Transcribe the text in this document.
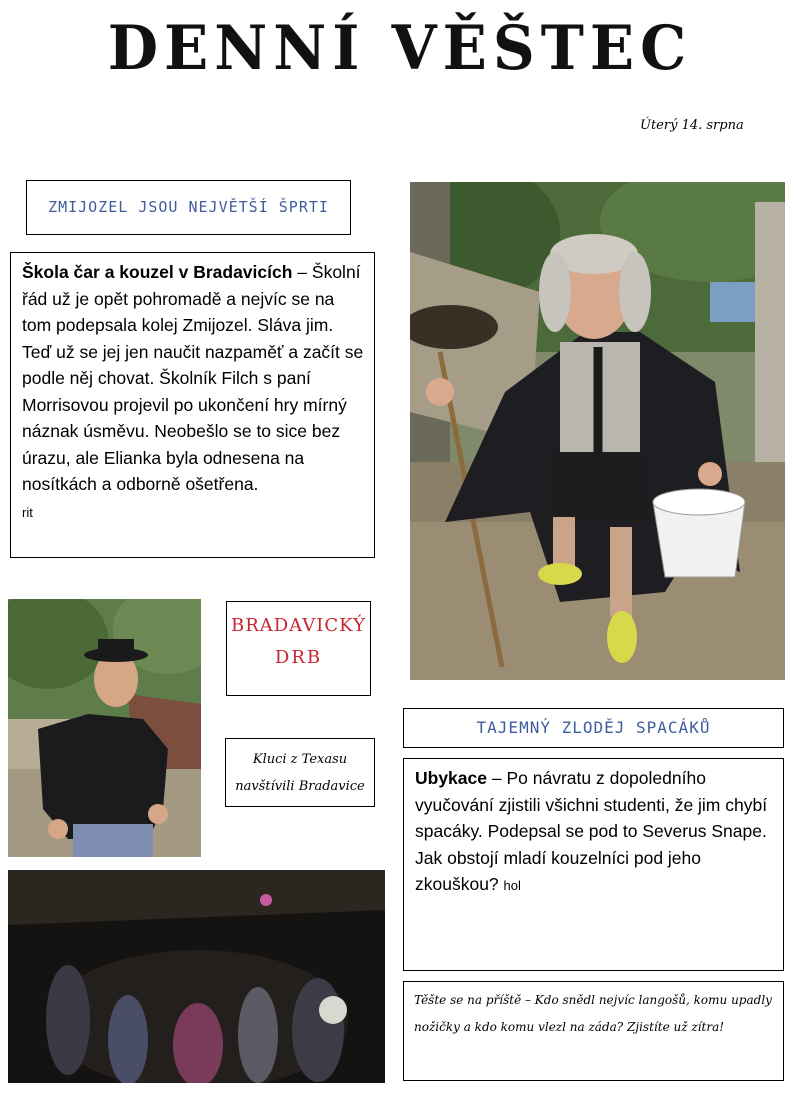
DENNÍ VĚŠTEC
Úterý 14. srpna
ZMIJOZEL JSOU NEJVĚTŠÍ ŠPRTI
Škola čar a kouzel v Bradavicích – Školní řád už je opět pohromadě a nejvíc se na tom podepsala kolej Zmijozel. Sláva jim. Teď už se jej jen naučit nazpaměť a začít se podle něj chovat. Školník Filch s paní Morrisovou projevil po ukončení hry mírný náznak úsměvu. Neobešlo se to sice bez úrazu, ale Elianka byla odnesena na nosítkách a odborně ošetřena.
rit
BRADAVICKÝ
DRB
Kluci z Texasu
navštívili Bradavice
TAJEMNÝ ZLODĚJ SPACÁKŮ
Ubykace – Po návratu z dopoledního vyučování zjistili všichni studenti, že jim chybí spacáky. Podepsal se pod to Severus Snape. Jak obstojí mladí kouzelníci pod jeho zkouškou? hol
Těšte se na příště – Kdo snědl nejvíc langošů, komu upadly nožičky a kdo komu vlezl na záda? Zjistíte už zítra!
